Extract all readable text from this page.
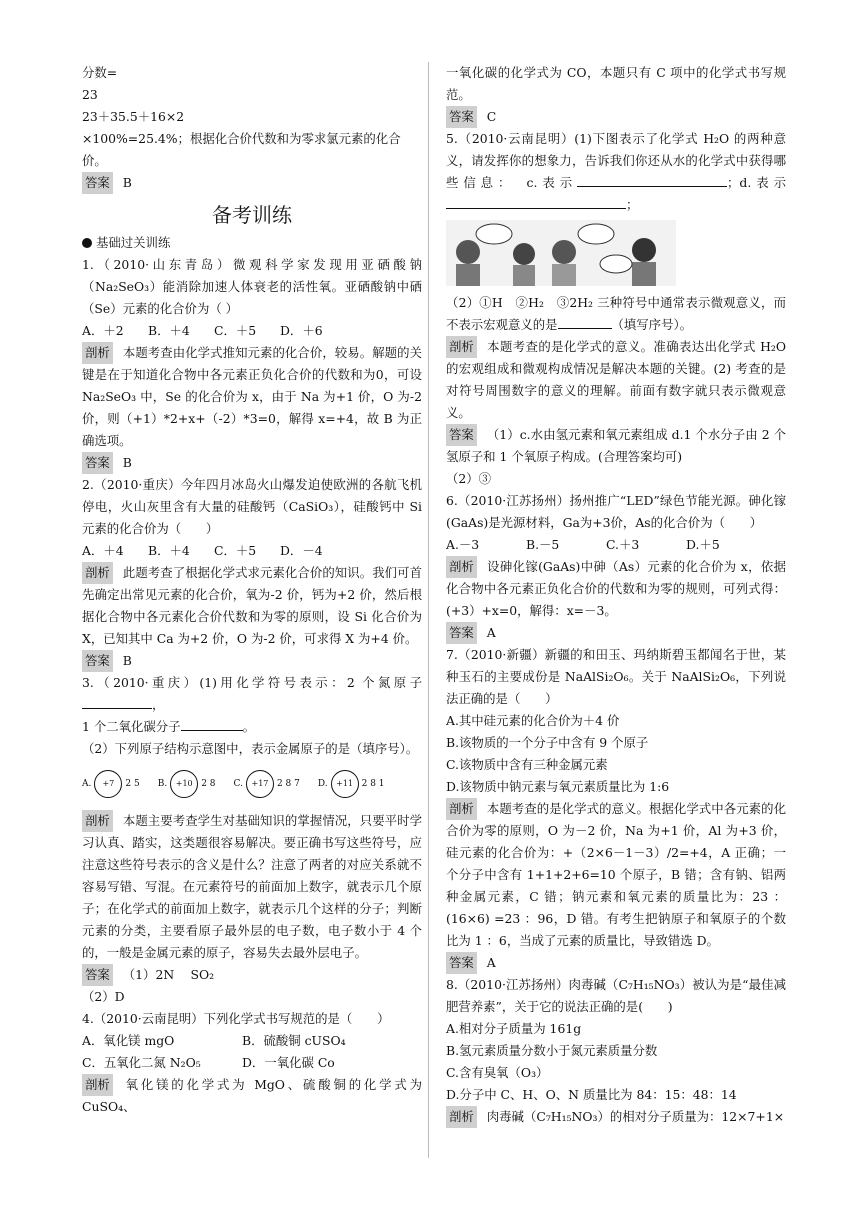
分数=

23
23＋35.5＋16×2
×100%=25.4%；根据化合价代数和为零求氯元素的化合价。

答案 B

备考训练

基础过关训练

1.（2010·山东青岛）微观科学家发现用亚硒酸钠（Na₂SeO₃）能消除加速人体衰老的活性氧。亚硒酸钠中硒（Se）元素的化合价为（ ）

A．＋2 B．＋4 C．＋5 D．＋6

剖析 本题考查由化学式推知元素的化合价，较易。解题的关键是在于知道化合物中各元素正负化合价的代数和为0，可设 Na₂SeO₃ 中，Se 的化合价为 x，由于 Na 为+1 价，O 为-2 价，则（+1）*2+x+（-2）*3=0，解得 x=+4，故 B 为正确选项。

答案 B

2.（2010·重庆）今年四月冰岛火山爆发迫使欧洲的各航飞机停电，火山灰里含有大量的硅酸钙（CaSiO₃），硅酸钙中 Si 元素的化合价为（　　）

A．＋4 B．＋4 C．＋5 D．－4

剖析 此题考查了根据化学式求元素化合价的知识。我们可首先确定出常见元素的化合价，氧为-2 价，钙为+2 价，然后根据化合物中各元素化合价代数和为零的原则，设 Si 化合价为 X，已知其中 Ca 为+2 价，O 为-2 价，可求得 X 为+4 价。

答案 B

3.（2010·重庆）(1)用化学符号表示：2 个氮原子，

1 个二氧化碳分子	。

（2）下列原子结构示意图中，表示金属原子的是（填序号）。

A.	+7	2 5 B.	+10 2 8 C.	+17 2 8 7 D.	+11 2 8 1

剖析 本题主要考查学生对基础知识的掌握情况，只要平时学习认真、踏实，这类题很容易解决。要正确书写这些符号，应注意这些符号表示的含义是什么？注意了两者的对应关系就不容易写错、写混。在元素符号的前面加上数字，就表示几个原子；在化学式的前面加上数字，就表示几个这样的分子；判断元素的分类，主要看原子最外层的电子数，电子数小于 4 个的，一般是金属元素的原子，容易失去最外层电子。

答案 （1）2N　 SO₂

（2）D

4.（2010·云南昆明）下列化学式书写规范的是（　　）

A．氧化镁 mgO	B．硫酸铜 cUSO₄

C．五氧化二氮 N₂O₅	D．一氧化碳 Co

剖析 氧化镁的化学式为 MgO、硫酸铜的化学式为 CuSO₄、

一氧化碳的化学式为 CO，本题只有 C 项中的化学式书写规范。

答案 C

5.（2010·云南昆明）(1)下图表示了化学式 H₂O 的两种意义，请发挥你的想象力，告诉我们你还从水的化学式中获得哪些信息：　c.表示	；d.表示；

（2）①H　②H₂　③2H₂ 三种符号中通常表示微观意义，而不表示宏观意义的是	（填写序号）。

剖析 本题考查的是化学式的意义。准确表达出化学式 H₂O 的宏观组成和微观构成情况是解决本题的关键。(2) 考查的是对符号周围数字的意义的理解。前面有数字就只表示微观意义。

答案 （1）c.水由氢元素和氧元素组成 d.1 个水分子由 2 个氢原子和 1 个氧原子构成。(合理答案均可)

（2）③

6.（2010·江苏扬州）扬州推广“LED”绿色节能光源。砷化镓(GaAs)是光源材料，Ga为+3价，As的化合价为（　　）

A.－3	B.－5	C.＋3	D.＋5

剖析 设砷化镓(GaAs)中砷（As）元素的化合价为 x，依据化合物中各元素正负化合价的代数和为零的规则，可列式得：(+3）+x=0，解得：x=－3。

答案 A

7.（2010·新疆）新疆的和田玉、玛纳斯碧玉都闻名于世，某种玉石的主要成份是 NaAlSi₂O₆。关于 NaAlSi₂O₆，下列说法正确的是（　　）

A.其中硅元素的化合价为＋4 价

B.该物质的一个分子中含有 9 个原子

C.该物质中含有三种金属元素

D.该物质中钠元素与氧元素质量比为 1:6

剖析 本题考查的是化学式的意义。根据化学式中各元素的化合价为零的原则，O 为－2 价，Na 为+1 价，Al 为+3 价，硅元素的化合价为：+（2×6－1－3）/2=+4，A 正确；一个分子中含有 1+1+2+6=10 个原子，B 错；含有钠、铝两种金属元素，C 错；钠元素和氧元素的质量比为：23 ：(16×6) =23 ：96，D 错。有考生把钠原子和氧原子的个数比为 1 ：6，当成了元素的质量比，导致错选 D。

答案 A

8.（2010·江苏扬州）肉毒碱（C₇H₁₅NO₃）被认为是“最佳减肥营养素”，关于它的说法正确的是(　　)

A.相对分子质量为 161g

B.氢元素质量分数小于氮元素质量分数

C.含有臭氧（O₃）

D.分子中 C、H、O、N 质量比为 84：15：48：14

剖析 肉毒碱（C₇H₁₅NO₃）的相对分子质量为：12×7+1×
